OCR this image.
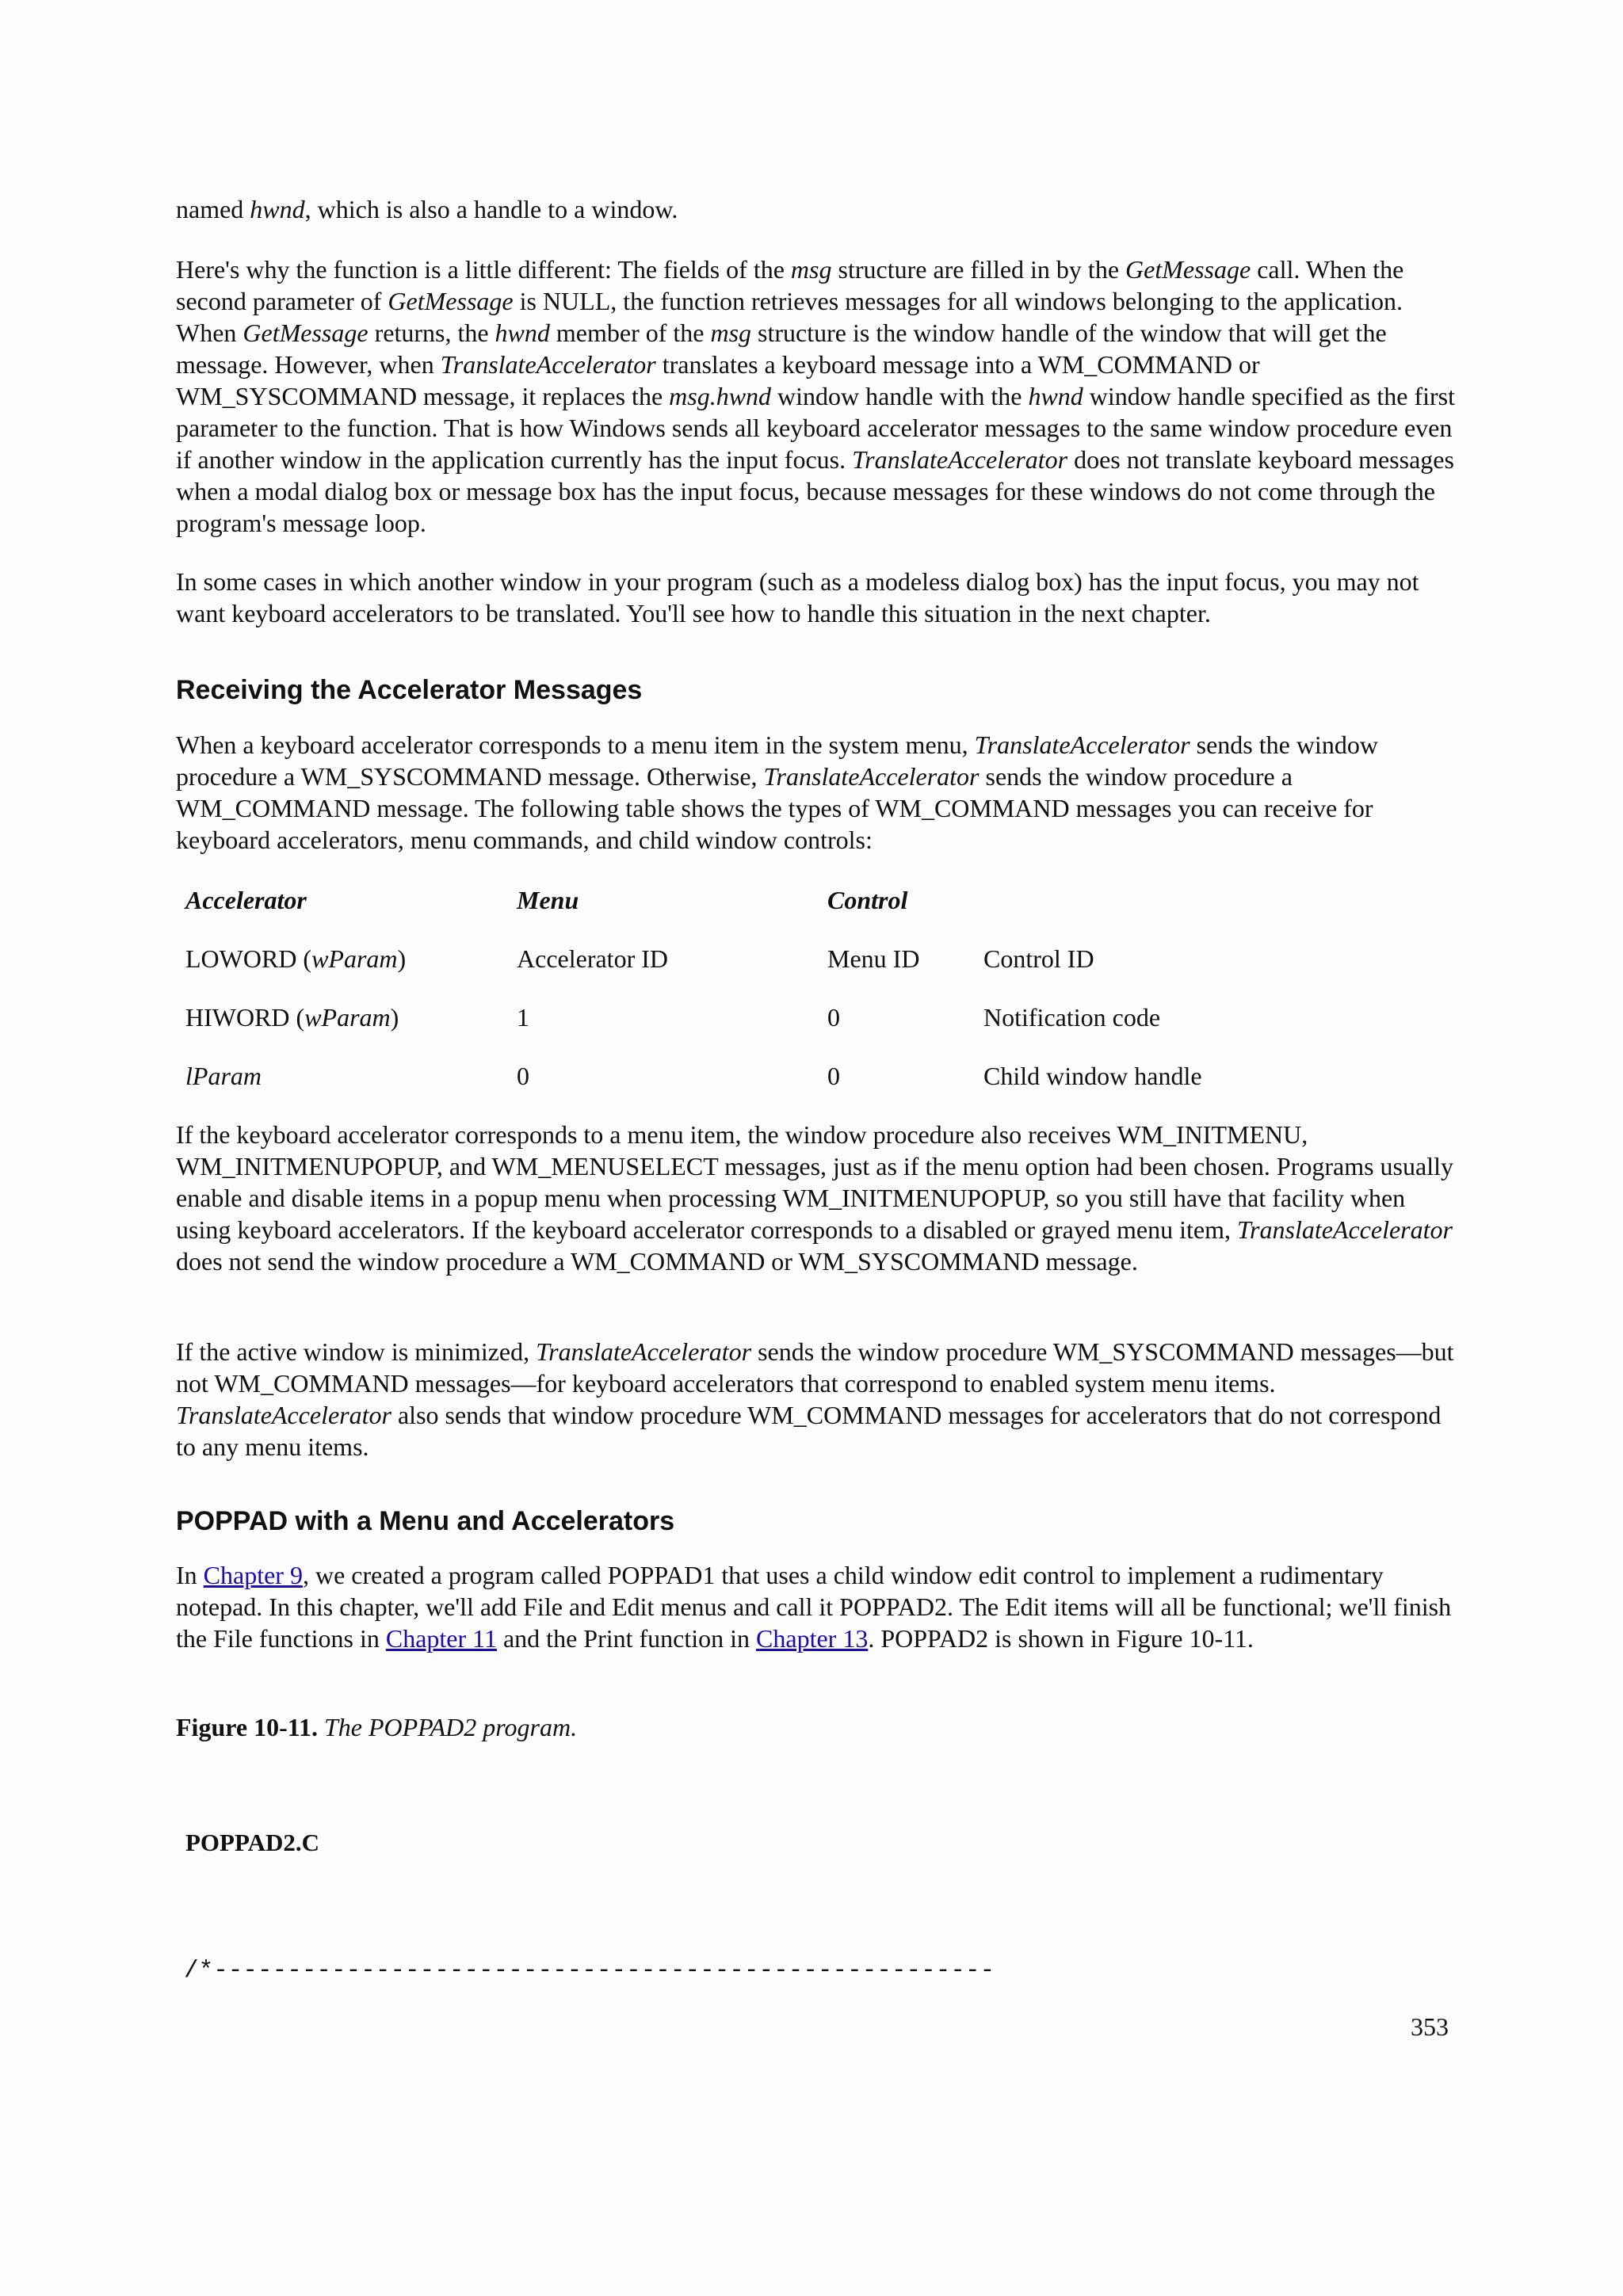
named hwnd, which is also a handle to a window.

Here's why the function is a little different: The fields of the msg structure are filled in by the GetMessage call. When the second parameter of GetMessage is NULL, the function retrieves messages for all windows belonging to the application. When GetMessage returns, the hwnd member of the msg structure is the window handle of the window that will get the message. However, when TranslateAccelerator translates a keyboard message into a WM_COMMAND or WM_SYSCOMMAND message, it replaces the msg.hwnd window handle with the hwnd window handle specified as the first parameter to the function. That is how Windows sends all keyboard accelerator messages to the same window procedure even if another window in the application currently has the input focus. TranslateAccelerator does not translate keyboard messages when a modal dialog box or message box has the input focus, because messages for these windows do not come through the program's message loop.

In some cases in which another window in your program (such as a modeless dialog box) has the input focus, you may not want keyboard accelerators to be translated. You'll see how to handle this situation in the next chapter.

Receiving the Accelerator Messages

When a keyboard accelerator corresponds to a menu item in the system menu, TranslateAccelerator sends the window procedure a WM_SYSCOMMAND message. Otherwise, TranslateAccelerator sends the window procedure a WM_COMMAND message. The following table shows the types of WM_COMMAND messages you can receive for keyboard accelerators, menu commands, and child window controls:

Accelerator	Menu	Control
LOWORD (wParam)	Accelerator ID	Menu ID	Control ID
HIWORD (wParam)	1	0	Notification code
lParam	0	0	Child window handle

If the keyboard accelerator corresponds to a menu item, the window procedure also receives WM_INITMENU, WM_INITMENUPOPUP, and WM_MENUSELECT messages, just as if the menu option had been chosen. Programs usually enable and disable items in a popup menu when processing WM_INITMENUPOPUP, so you still have that facility when using keyboard accelerators. If the keyboard accelerator corresponds to a disabled or grayed menu item, TranslateAccelerator does not send the window procedure a WM_COMMAND or WM_SYSCOMMAND message.

If the active window is minimized, TranslateAccelerator sends the window procedure WM_SYSCOMMAND messages—but not WM_COMMAND messages—for keyboard accelerators that correspond to enabled system menu items. TranslateAccelerator also sends that window procedure WM_COMMAND messages for accelerators that do not correspond to any menu items.

POPPAD with a Menu and Accelerators

In Chapter 9, we created a program called POPPAD1 that uses a child window edit control to implement a rudimentary notepad. In this chapter, we'll add File and Edit menus and call it POPPAD2. The Edit items will all be functional; we'll finish the File functions in Chapter 11 and the Print function in Chapter 13. POPPAD2 is shown in Figure 10-11.

Figure 10-11. The POPPAD2 program.

POPPAD2.C
/*-----------------------------------------------------
353
